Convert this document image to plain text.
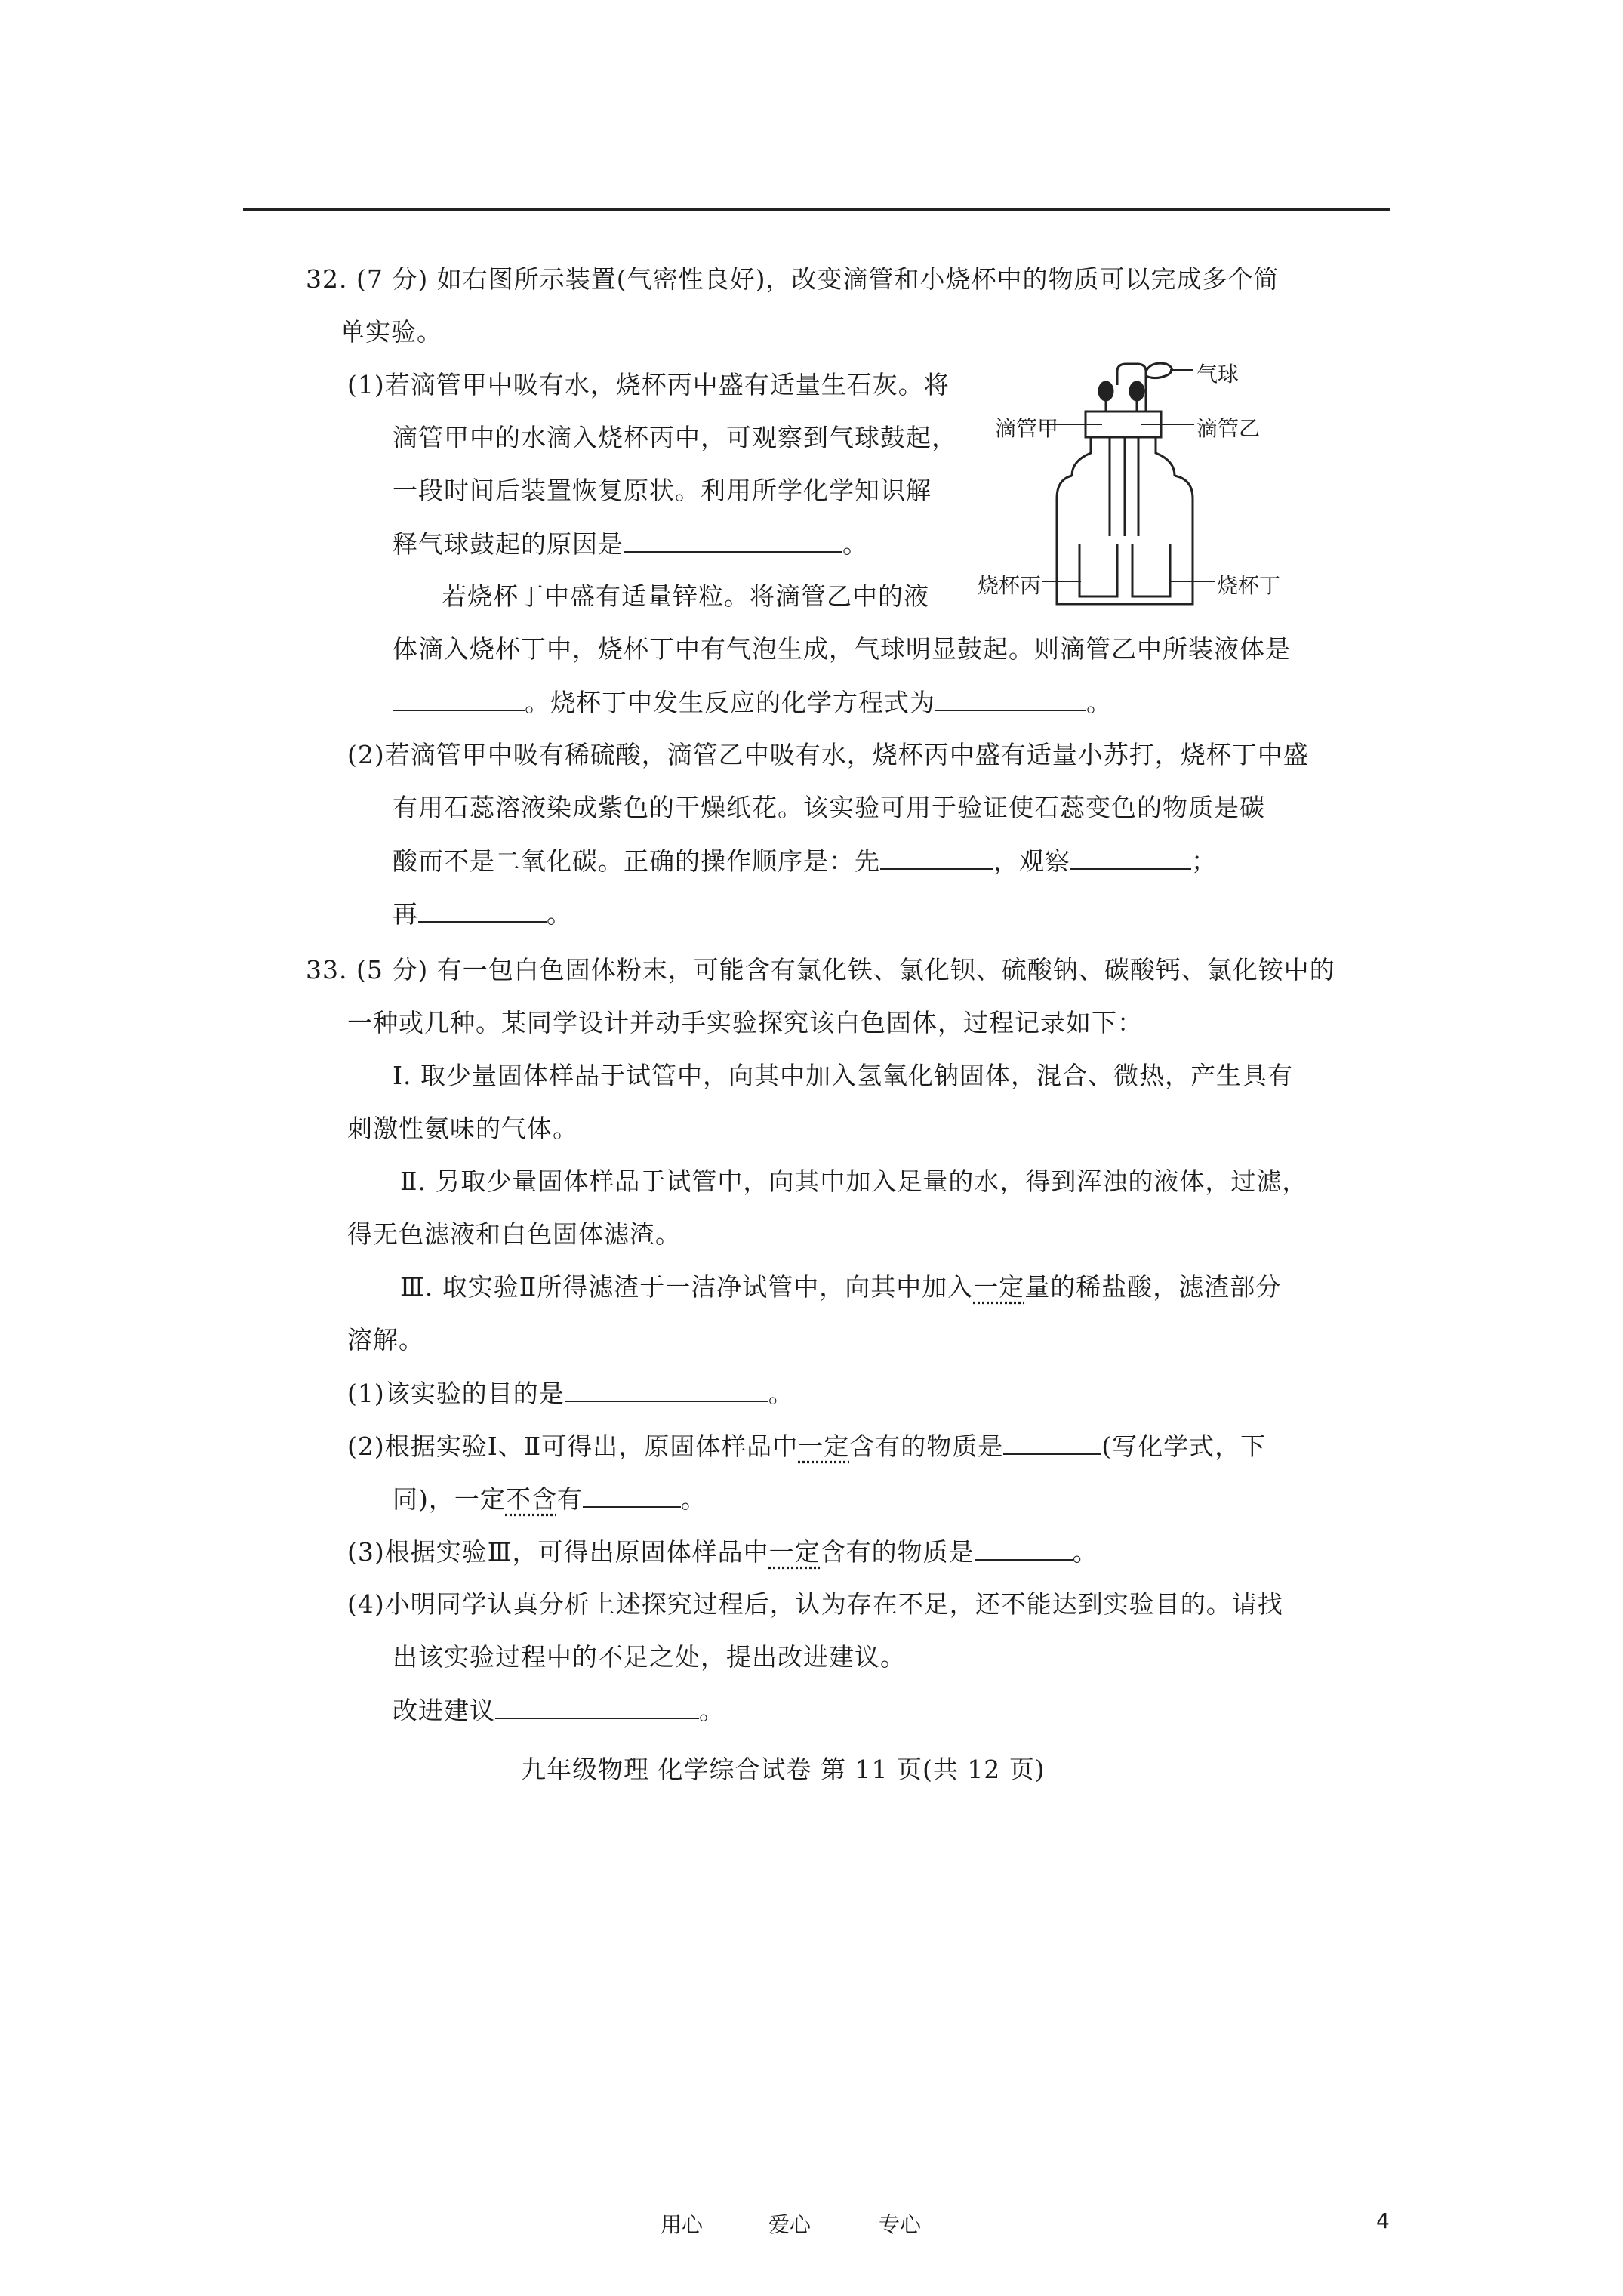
32. (7 分) 如右图所示装置(气密性良好)，改变滴管和小烧杯中的物质可以完成多个简
单实验。
(1)若滴管甲中吸有水，烧杯丙中盛有适量生石灰。将
滴管甲中的水滴入烧杯丙中，可观察到气球鼓起，
一段时间后装置恢复原状。利用所学化学知识解
释气球鼓起的原因是	。
若烧杯丁中盛有适量锌粒。将滴管乙中的液
体滴入烧杯丁中，烧杯丁中有气泡生成，气球明显鼓起。则滴管乙中所装液体是
。烧杯丁中发生反应的化学方程式为	。
(2)若滴管甲中吸有稀硫酸，滴管乙中吸有水，烧杯丙中盛有适量小苏打，烧杯丁中盛
有用石蕊溶液染成紫色的干燥纸花。该实验可用于验证使石蕊变色的物质是碳
酸而不是二氧化碳。正确的操作顺序是：先	，观察	；
再	。
气球
滴管甲	滴管乙
烧杯丙	烧杯丁
33. (5 分) 有一包白色固体粉末，可能含有氯化铁、氯化钡、硫酸钠、碳酸钙、氯化铵中的
一种或几种。某同学设计并动手实验探究该白色固体，过程记录如下：
Ⅰ. 取少量固体样品于试管中，向其中加入氢氧化钠固体，混合、微热，产生具有
刺激性氨味的气体。
Ⅱ. 另取少量固体样品于试管中，向其中加入足量的水，得到浑浊的液体，过滤，
得无色滤液和白色固体滤渣。
Ⅲ. 取实验Ⅱ所得滤渣于一洁净试管中，向其中加入一定量的稀盐酸，滤渣部分
溶解。
(1)该实验的目的是	。
(2)根据实验Ⅰ、Ⅱ可得出，原固体样品中一定含有的物质是	(写化学式，下
同)，一定不含有	。
(3)根据实验Ⅲ，可得出原固体样品中一定含有的物质是	。
(4)小明同学认真分析上述探究过程后，认为存在不足，还不能达到实验目的。请找
出该实验过程中的不足之处，提出改进建议。
改进建议	。
九年级物理 化学综合试卷 第 11 页(共 12 页)
用心	爱心	专心	4
